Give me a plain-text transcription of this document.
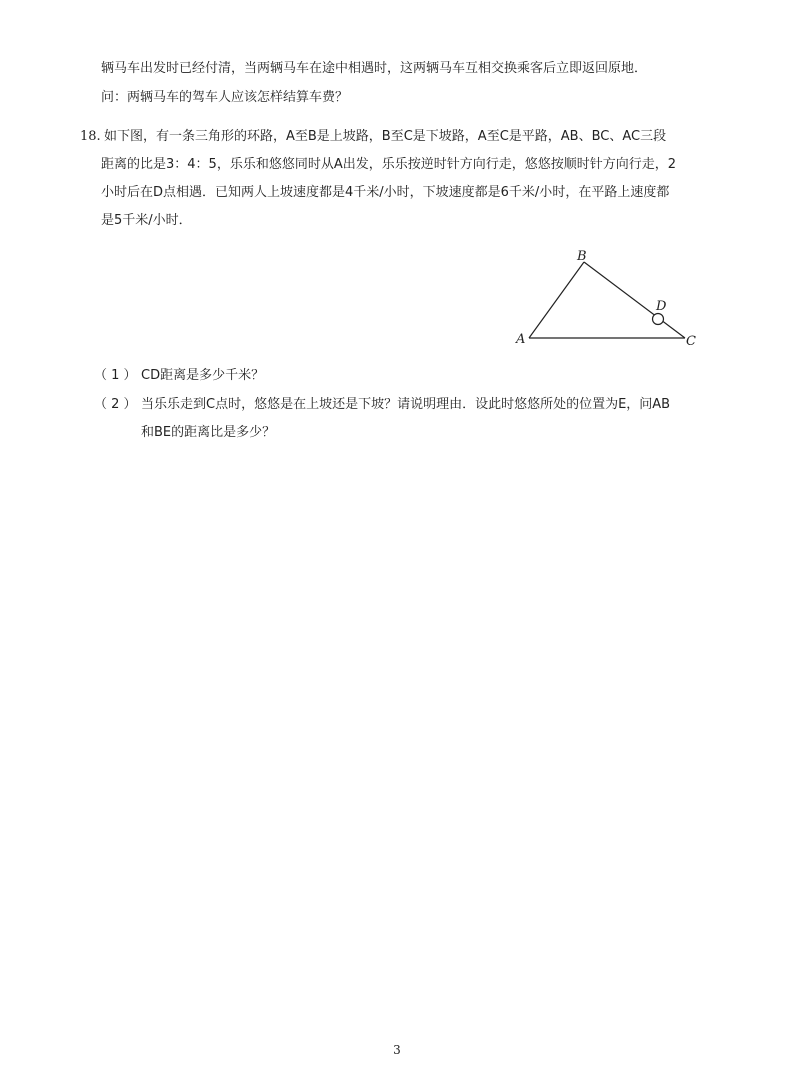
辆马车出发时已经付清，当两辆马车在途中相遇时，这两辆马车互相交换乘客后立即返回原地．
问：两辆马车的驾车人应该怎样结算车费？
18. 如下图，有一条三角形的环路，A至B是上坡路，B至C是下坡路，A至C是平路，AB、BC、AC三段
距离的比是3：4：5，乐乐和悠悠同时从A出发，乐乐按逆时针方向行走，悠悠按顺时针方向行走，2
小时后在D点相遇．已知两人上坡速度都是4千米/小时，下坡速度都是6千米/小时，在平路上速度都
是5千米/小时．
B
D
A	C
（ 1 ） CD距离是多少千米？
（ 2 ） 当乐乐走到C点时，悠悠是在上坡还是下坡？请说明理由．设此时悠悠所处的位置为E，问AB
和BE的距离比是多少？
3
